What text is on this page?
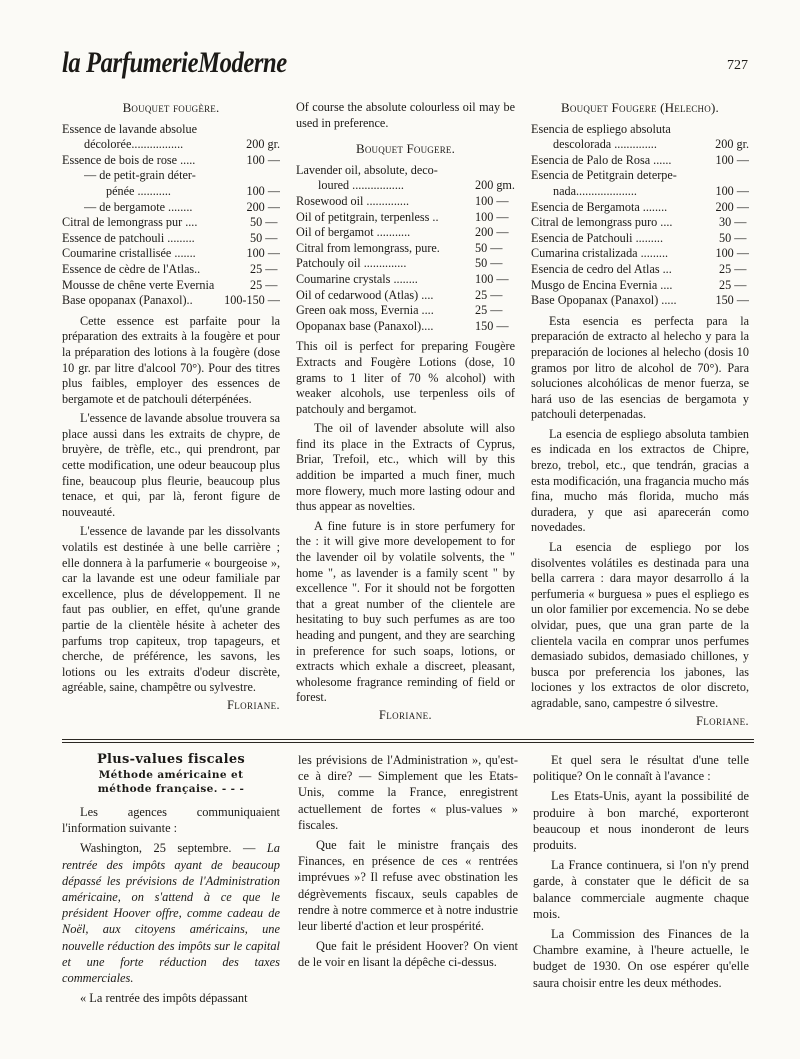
la ParfumerieModerne	727
Bouquet fougère.
Essence de lavande absolue
décolorée.................	200 gr.
Essence de bois de rose .....	100 —
— de petit-grain déter-
pénée ...........	100 —
— de bergamote ........	200 —
Citral de lemongrass pur ....	50 —
Essence de patchouli .........	50 —
Coumarine cristallisée .......	100 —
Essence de cèdre de l'Atlas..	25 —
Mousse de chêne verte Evernia	25 —
Base opopanax (Panaxol)..	100-150 —

Cette essence est parfaite pour la préparation des extraits à la fougère et pour la préparation des lotions à la fougère (dose 10 gr. par litre d'alcool 70°). Pour des titres plus faibles, employer des essences de bergamote et de patchouli déterpénées.

L'essence de lavande absolue trouvera sa place aussi dans les extraits de chypre, de bruyère, de trèfle, etc., qui prendront, par cette modification, une odeur beaucoup plus fine, beaucoup plus fleurie, beaucoup plus tenace, et qui, par là, feront figure de nouveauté.

L'essence de lavande par les dissolvants volatils est destinée à une belle carrière ; elle donnera à la parfumerie « bourgeoise », car la lavande est une odeur familiale par excellence, plus de développement. Il ne faut pas oublier, en effet, qu'une grande partie de la clientèle hésite à acheter des parfums trop capiteux, trop tapageurs, et cherche, de préférence, les savons, les lotions ou les extraits d'odeur discrète, agréable, saine, champêtre ou sylvestre.

Floriane.

Of course the absolute colourless oil may be used in preference.

Bouquet Fougere.
Lavender oil, absolute, deco-
loured .................	200 gm.
Rosewood oil ..............	100 —
Oil of petitgrain, terpenless ..	100 —
Oil of bergamot ...........	200 —
Citral from lemongrass, pure.	50 —
Patchouly oil ..............	50 —
Coumarine crystals ........	100 —
Oil of cedarwood (Atlas) ....	25 —
Green oak moss, Evernia ....	25 —
Opopanax base (Panaxol)....	150 —

This oil is perfect for preparing Fougère Extracts and Fougère Lotions (dose, 10 grams to 1 liter of 70 % alcohol) with weaker alcohols, use terpenless oils of patchouly and bergamot.

The oil of lavender absolute will also find its place in the Extracts of Cyprus, Briar, Trefoil, etc., which will by this addition be imparted a much finer, much more flowery, much more lasting odour and thus appear as novelties.

A fine future is in store perfumery for the : it will give more developement to for the lavender oil by volatile solvents, the " home ", as lavender is a family scent " by excellence ". For it should not be forgotten that a great number of the clientele are hesitating to buy such perfumes as are too heading and pungent, and they are searching in preference for such soaps, lotions, or extracts which exhale a discreet, pleasant, wholesome fragrance reminding of field or forest.

Floriane.
Bouquet Fougere (Helecho).
Esencia de espliego absoluta
descolorada ..............	200 gr.
Esencia de Palo de Rosa ......	100 —
Esencia de Petitgrain deterpe-
nada....................	100 —
Esencia de Bergamota ........	200 —
Citral de lemongrass puro ....	30 —
Esencia de Patchouli .........	50 —
Cumarina cristalizada .........	100 —
Esencia de cedro del Atlas ...	25 —
Musgo de Encina Evernia ....	25 —
Base Opopanax (Panaxol) .....	150 —

Esta esencia es perfecta para la preparación de extracto al helecho y para la preparación de lociones al helecho (dosis 10 gramos por litro de alcohol de 70°). Para soluciones alcohólicas de menor fuerza, se hará uso de las esencias de bergamota y patchouli deterpenadas.

La esencia de espliego absoluta tambien es indicada en los extractos de Chipre, brezo, trebol, etc., que tendrán, gracias a esta modificación, una fragancia mucho más fina, mucho más florida, mucho más duradera, y que asi aparecerán como novedades.

La esencia de espliego por los disolventes volátiles es destinada para una bella carrera : dara mayor desarrollo á la perfumeria « burguesa » pues el espliego es un olor familier por excemencia. No se debe olvidar, pues, que una gran parte de la clientela vacila en comprar unos perfumes demasiado subidos, demasiado chillones, y busca por preferencia los jabones, las lociones y los extractos de olor discreto, agradable, sano, campestre ó silvestre.

Floriane.
Plus-values fiscales
Méthode américaine et
méthode française. - - -

Les agences communiquaient l'information suivante :

Washington, 25 septembre. — La rentrée des impôts ayant de beaucoup dépassé les prévisions de l'Administration américaine, on s'attend à ce que le président Hoover offre, comme cadeau de Noël, aux citoyens américains, une nouvelle réduction des impôts sur le capital et une forte réduction des taxes commerciales.

« La rentrée des impôts dépassant

les prévisions de l'Administration », qu'est-ce à dire? — Simplement que les Etats-Unis, comme la France, enregistrent actuellement de fortes « plus-values » fiscales.

Que fait le ministre français des Finances, en présence de ces « rentrées imprévues »? Il refuse avec obstination les dégrèvements fiscaux, seuls capables de rendre à notre commerce et à notre industrie leur liberté d'action et leur prospérité.

Que fait le président Hoover? On vient de le voir en lisant la dépêche ci-dessus.

Et quel sera le résultat d'une telle politique? On le connaît à l'avance :

Les Etats-Unis, ayant la possibilité de produire à bon marché, exporteront beaucoup et nous inonderont de leurs produits.

La France continuera, si l'on n'y prend garde, à constater que le déficit de sa balance commerciale augmente chaque mois.

La Commission des Finances de la Chambre examine, à l'heure actuelle, le budget de 1930. On ose espérer qu'elle saura choisir entre les deux méthodes.
